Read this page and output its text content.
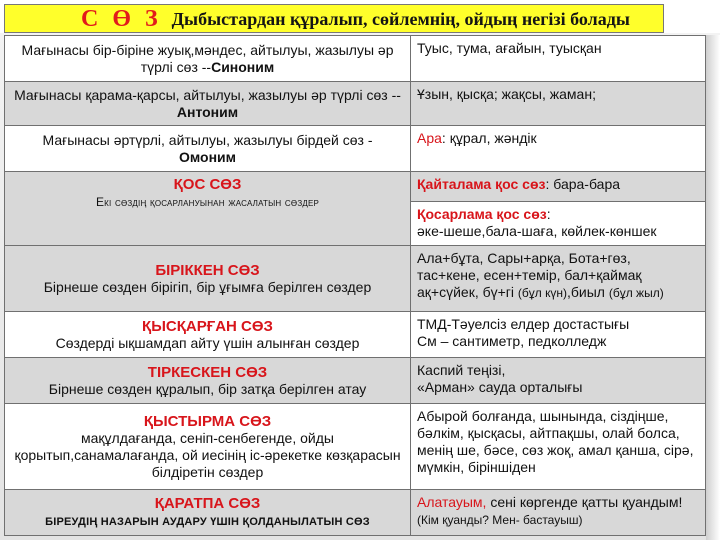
СӨЗ Дыбыстардан құралып, сөйлемнің, ойдың негізі болады
Мағынасы бір-біріне жуық,мәндес, айтылуы, жазылуы әр түрлі сөз --Синоним	Туыс, тума, ағайын, туысқан
Мағынасы қарама-қарсы, айтылуы, жазылуы әр түрлі сөз --Антоним	Ұзын, қысқа; жақсы, жаман;
Мағынасы әртүрлі, айтылуы, жазылуы бірдей сөз -
Омоним	Ара: құрал, жәндік

ҚОС СӨЗ
Екі сөздің қосарлануынан жасалатын сөздер	Қайталама қос сөз: бара-бара
	Қосарлама қос сөз:
әке-шеше,бала-шаға, көйлек-көншек

БІРІККЕН СӨЗ
Бірнеше сөзден бірігіп, бір ұғымға берілген сөздер	Ала+бұта, Сары+арқа, Бота+гөз,
тас+кене, есен+темір, бал+қаймақ
ақ+сүйек, бү+гі (бұл күн),биыл (бұл жыл)

ҚЫСҚАРҒАН СӨЗ
Сөздерді ықшамдап айту үшін алынған сөздер	ТМД-Тәуелсіз елдер достастығы
См – сантиметр, педколледж

ТІРКЕСКЕН СӨЗ
Бірнеше сөзден құралып, бір затқа берілген атау	Каспий теңізі,
«Арман» сауда орталығы

ҚЫСТЫРМА СӨЗ
мақұлдағанда, сеніп-сенбегенде, ойды қорытып,санамалағанда, ой иесінің іс-әрекетке көзқарасын білдіретін сөздер	Абырой болғанда, шынында, сіздіңше, бәлкім, қысқасы, айтпақшы, олай болса, менің ше, бәсе, сөз жоқ, амал қанша, сірә, мүмкін, біріншіден

ҚАРАТПА СӨЗ
БІРЕУДІҢ НАЗАРЫН АУДАРУ ҮШІН ҚОЛДАНЫЛАТЫН СӨЗ	Алатауым, сені көргенде қатты қуандым! (Кім қуанды? Мен- бастауыш)
